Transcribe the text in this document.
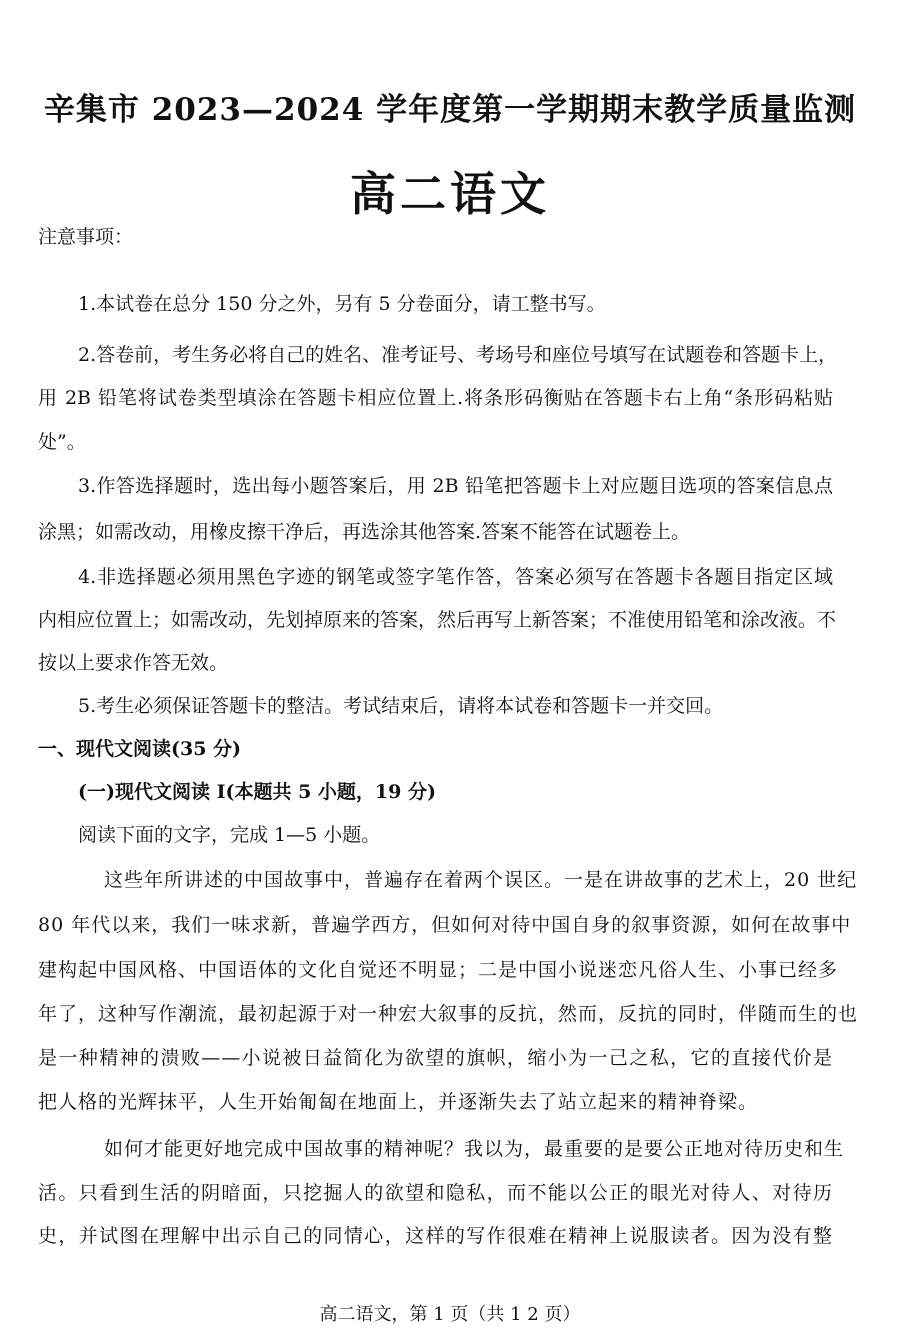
辛集市 2023—2024 学年度第一学期期末教学质量监测
高二语文
注意事项：
1.本试卷在总分 150 分之外，另有 5 分卷面分，请工整书写。
2.答卷前，考生务必将自己的姓名、准考证号、考场号和座位号填写在试题卷和答题卡上，
用 2B 铅笔将试卷类型填涂在答题卡相应位置上.将条形码衡贴在答题卡右上角“条形码粘贴
处”。
3.作答选择题时，选出每小题答案后，用 2B 铅笔把答题卡上对应题目选项的答案信息点
涂黑；如需改动，用橡皮擦干净后，再选涂其他答案.答案不能答在试题卷上。
4.非选择题必须用黑色字迹的钢笔或签字笔作答，答案必须写在答题卡各题目指定区域
内相应位置上；如需改动，先划掉原来的答案，然后再写上新答案；不准使用铅笔和涂改液。不
按以上要求作答无效。
5.考生必须保证答题卡的整洁。考试结束后，请将本试卷和答题卡一并交回。
一、现代文阅读(35 分)
(一)现代文阅读 I(本题共 5 小题，19 分)
阅读下面的文字，完成 1—5 小题。
这些年所讲述的中国故事中，普遍存在着两个误区。一是在讲故事的艺术上，20 世纪
80 年代以来，我们一味求新，普遍学西方，但如何对待中国自身的叙事资源，如何在故事中
建构起中国风格、中国语体的文化自觉还不明显；二是中国小说迷恋凡俗人生、小事已经多
年了，这种写作潮流，最初起源于对一种宏大叙事的反抗，然而，反抗的同时，伴随而生的也
是一种精神的溃败——小说被日益简化为欲望的旗帜，缩小为一己之私，它的直接代价是
把人格的光辉抹平，人生开始匍匐在地面上，并逐渐失去了站立起来的精神脊梁。
如何才能更好地完成中国故事的精神呢？我以为，最重要的是要公正地对待历史和生
活。只看到生活的阴暗面，只挖掘人的欲望和隐私，而不能以公正的眼光对待人、对待历
史，并试图在理解中出示自己的同情心，这样的写作很难在精神上说服读者。因为没有整
高二语文，第 1 页（共 1 2 页）
